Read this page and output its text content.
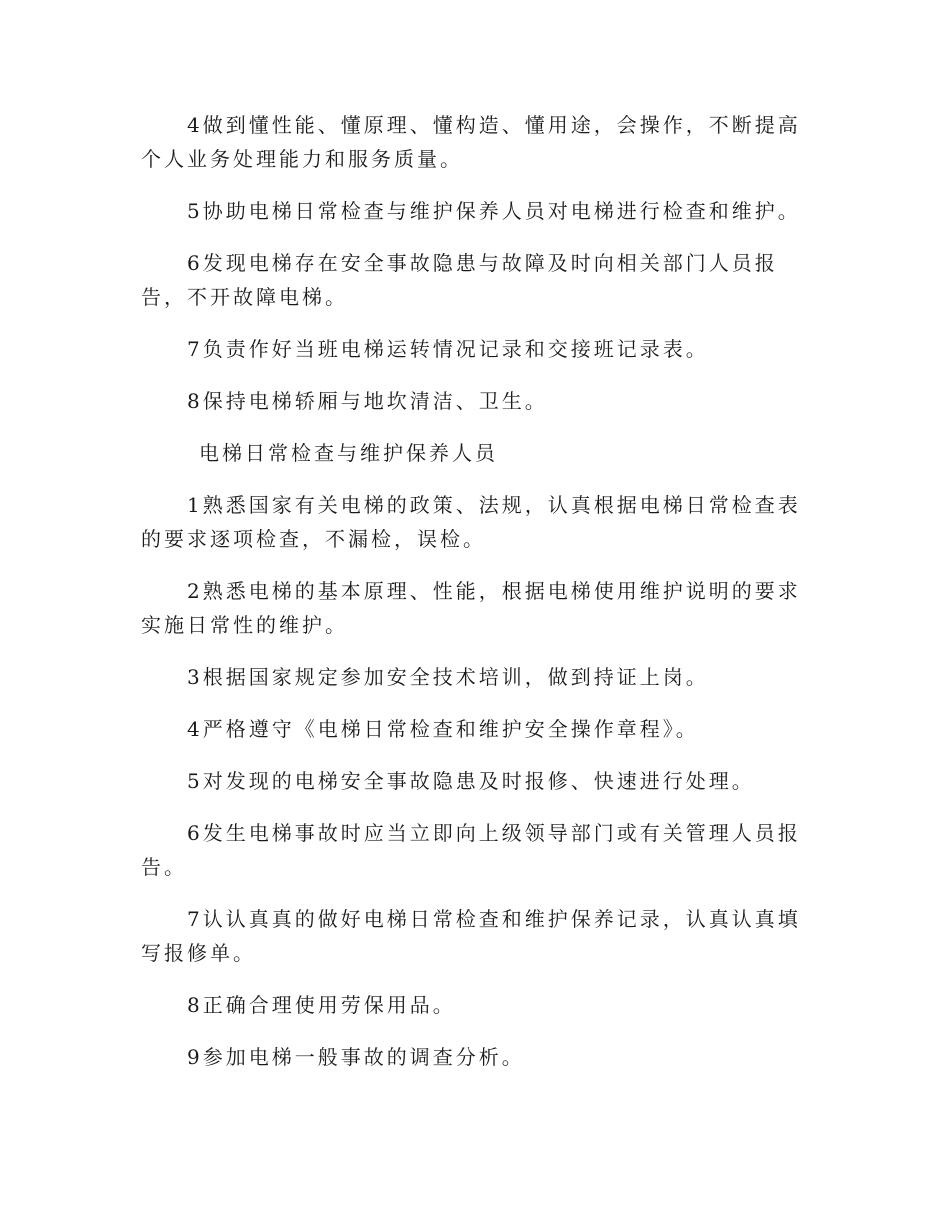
4做到懂性能、懂原理、懂构造、懂用途，会操作，不断提高个人业务处理能力和服务质量。

5协助电梯日常检查与维护保养人员对电梯进行检查和维护。

6发现电梯存在安全事故隐患与故障及时向相关部门人员报告，不开故障电梯。

7负责作好当班电梯运转情况记录和交接班记录表。

8保持电梯轿厢与地坎清洁、卫生。

电梯日常检查与维护保养人员

1熟悉国家有关电梯的政策、法规，认真根据电梯日常检查表的要求逐项检查，不漏检，误检。

2熟悉电梯的基本原理、性能，根据电梯使用维护说明的要求实施日常性的维护。

3根据国家规定参加安全技术培训，做到持证上岗。

4严格遵守《电梯日常检查和维护安全操作章程》。

5对发现的电梯安全事故隐患及时报修、快速进行处理。

6发生电梯事故时应当立即向上级领导部门或有关管理人员报告。

7认认真真的做好电梯日常检查和维护保养记录，认真认真填写报修单。

8正确合理使用劳保用品。

9参加电梯一般事故的调查分析。
